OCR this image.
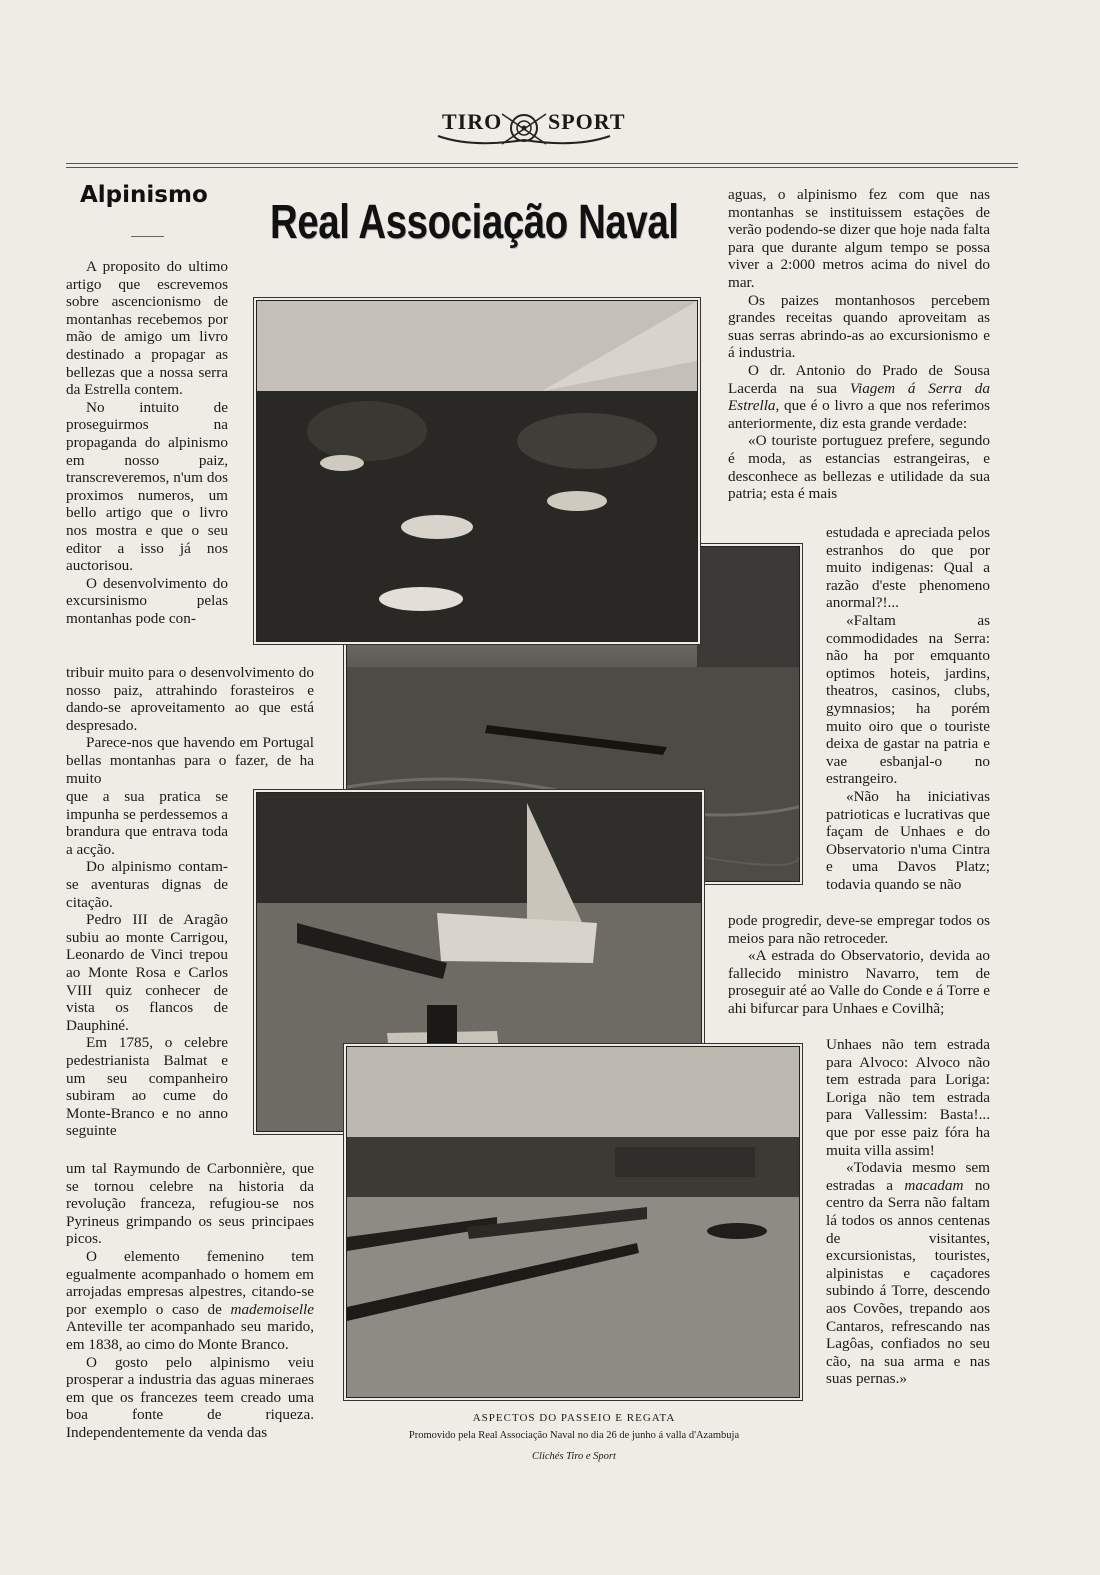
TIRO SPORT
Alpinismo
Real Associação Naval

A proposito do ultimo artigo que escrevemos sobre ascencionismo de montanhas recebemos por mão de amigo um livro destinado a propagar as bellezas que a nossa serra da Estrella contem.

No intuito de proseguirmos na propaganda do alpinismo em nosso paiz, transcreveremos, n'um dos proximos numeros, um bello artigo que o livro nos mostra e que o seu editor a isso já nos auctorisou.

O desenvolvimento do excursinismo pelas montanhas pode con-

tribuir muito para o desenvolvimento do nosso paiz, attrahindo forasteiros e dando-se aproveitamento ao que está despresado.

Parece-nos que havendo em Portugal bellas montanhas para o fazer, de ha muito

que a sua pratica se impunha se perdessemos a brandura que entrava toda a acção.

Do alpinismo contam-se aventuras dignas de citação.

Pedro III de Aragão subiu ao monte Carrigou, Leonardo de Vinci trepou ao Monte Rosa e Carlos VIII quiz conhecer de vista os flancos de Dauphiné.

Em 1785, o celebre pedestrianista Balmat e um seu companheiro subiram ao cume do Monte-Branco e no anno seguinte

um tal Raymundo de Carbonnière, que se tornou celebre na historia da revolução franceza, refugiou-se nos Pyrineus grimpando os seus principaes picos.

O elemento femenino tem egualmente acompanhado o homem em arrojadas empresas alpestres, citando-se por exemplo o caso de mademoiselle Anteville ter acompanhado seu marido, em 1838, ao cimo do Monte Branco.

O gosto pelo alpinismo veiu prosperar a industria das aguas mineraes em que os francezes teem creado uma boa fonte de riqueza. Independentemente da venda das

aguas, o alpinismo fez com que nas montanhas se instituissem estações de verão podendo-se dizer que hoje nada falta para que durante algum tempo se possa viver a 2:000 metros acima do nivel do mar.

Os paizes montanhosos percebem grandes receitas quando aproveitam as suas serras abrindo-as ao excursionismo e á industria.

O dr. Antonio do Prado de Sousa Lacerda na sua Viagem á Serra da Estrella, que é o livro a que nos referimos anteriormente, diz esta grande verdade:

«O touriste portuguez prefere, segundo é moda, as estancias estrangeiras, e desconhece as bellezas e utilidade da sua patria; esta é mais

estudada e apreciada pelos estranhos do que por muito indigenas: Qual a razão d'este phenomeno anormal?!...

«Faltam as commodidades na Serra: não ha por emquanto optimos hoteis, jardins, theatros, casinos, clubs, gymnasios; ha porém muito oiro que o touriste deixa de gastar na patria e vae esbanjal-o no estrangeiro.

«Não ha iniciativas patrioticas e lucrativas que façam de Unhaes e do Observatorio n'uma Cintra e uma Davos Platz; todavia quando se não

pode progredir, deve-se empregar todos os meios para não retroceder.

«A estrada do Observatorio, devida ao fallecido ministro Navarro, tem de proseguir até ao Valle do Conde e á Torre e ahi bifurcar para Unhaes e Covilhã;

Unhaes não tem estrada para Alvoco: Alvoco não tem estrada para Loriga: Loriga não tem estrada para Vallessim: Basta!... que por esse paiz fóra ha muita villa assim!

«Todavia mesmo sem estradas a macadam no centro da Serra não faltam lá todos os annos centenas de visitantes, excursionistas, touristes, alpinistas e caçadores subindo á Torre, descendo aos Covões, trepando aos Cantaros, refrescando nas Lagôas, confiados no seu cão, na sua arma e nas suas pernas.»

ASPECTOS DO PASSEIO E REGATA
Promovido pela Real Associação Naval no dia 26 de junho á valla d'Azambuja
Clichés Tiro e Sport
